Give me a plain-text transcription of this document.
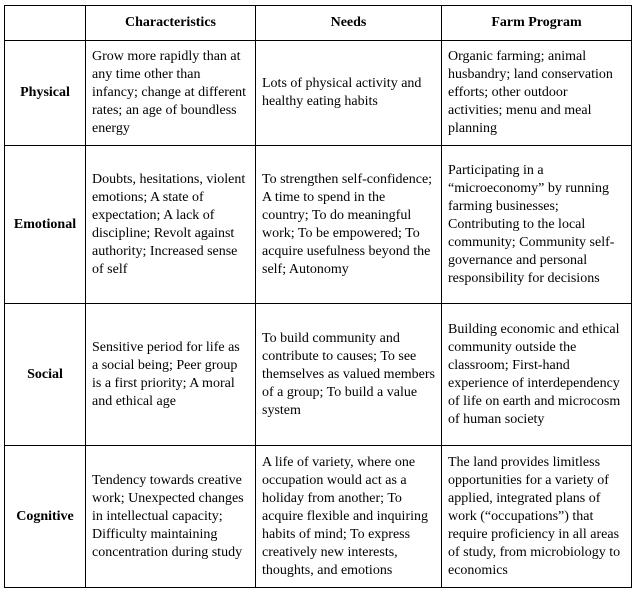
	Characteristics	Needs	Farm Program
Physical	Grow more rapidly than at any time other than infancy; change at different rates; an age of boundless energy	Lots of physical activity and healthy eating habits	Organic farming; animal husbandry; land conservation efforts; other outdoor activities; menu and meal planning
Emotional	Doubts, hesitations, violent emotions; A state of expectation; A lack of discipline; Revolt against authority; Increased sense of self	To strengthen self-confidence; A time to spend in the country; To do meaningful work; To be empowered; To acquire usefulness beyond the self; Autonomy	Participating in a “microeconomy” by running farming businesses; Contributing to the local community; Community self-governance and personal responsibility for decisions
Social	Sensitive period for life as a social being; Peer group is a first priority; A moral and ethical age	To build community and contribute to causes; To see themselves as valued members of a group; To build a value system	Building economic and ethical community outside the classroom; First-hand experience of interdependency of life on earth and microcosm of human society
Cognitive	Tendency towards creative work; Unexpected changes in intellectual capacity; Difficulty maintaining concentration during study	A life of variety, where one occupation would act as a holiday from another; To acquire flexible and inquiring habits of mind; To express creatively new interests, thoughts, and emotions	The land provides limitless opportunities for a variety of applied, integrated plans of work (“occupations”) that require proficiency in all areas of study, from microbiology to economics
